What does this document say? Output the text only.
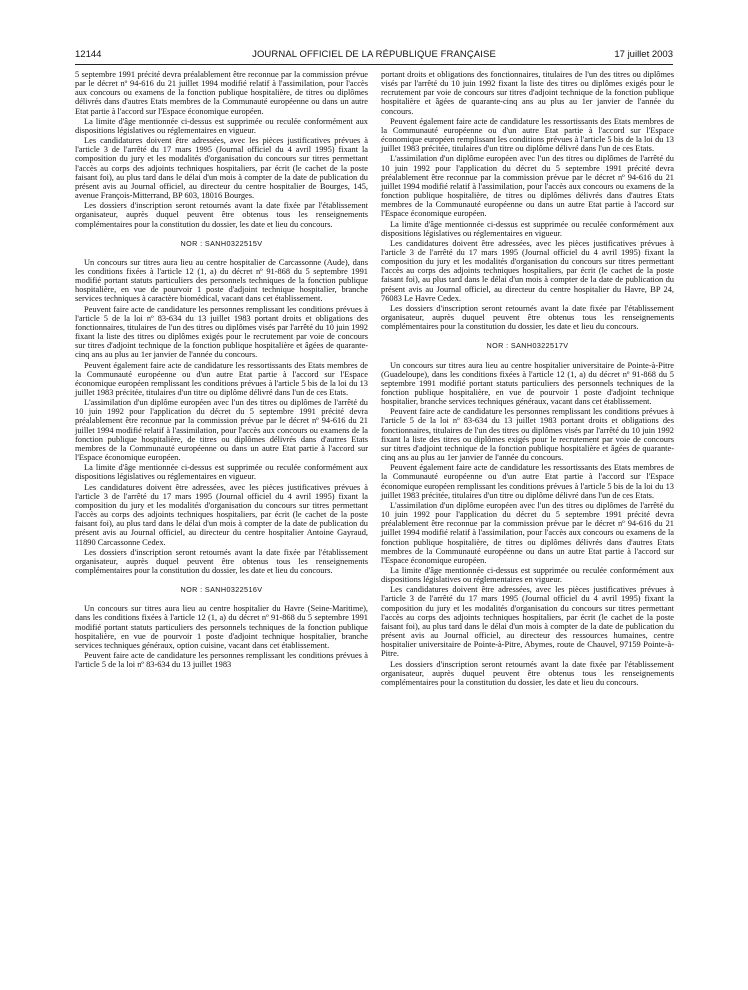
12144	JOURNAL OFFICIEL DE LA RÉPUBLIQUE FRANÇAISE	17 juillet 2003

5 septembre 1991 précité devra préalablement être reconnue par la commission prévue par le décret nº 94-616 du 21 juillet 1994 modifié relatif à l'assimilation, pour l'accès aux concours ou examens de la fonction publique hospitalière, de titres ou diplômes délivrés dans d'autres Etats membres de la Communauté européenne ou dans un autre Etat partie à l'accord sur l'Espace économique européen.

La limite d'âge mentionnée ci-dessus est supprimée ou reculée conformément aux dispositions législatives ou réglementaires en vigueur.

Les candidatures doivent être adressées, avec les pièces justificatives prévues à l'article 3 de l'arrêté du 17 mars 1995 (Journal officiel du 4 avril 1995) fixant la composition du jury et les modalités d'organisation du concours sur titres permettant l'accès au corps des adjoints techniques hospitaliers, par écrit (le cachet de la poste faisant foi), au plus tard dans le délai d'un mois à compter de la date de publication du présent avis au Journal officiel, au directeur du centre hospitalier de Bourges, 145, avenue François-Mitterrand, BP 603, 18016 Bourges.

Les dossiers d'inscription seront retournés avant la date fixée par l'établissement organisateur, auprès duquel peuvent être obtenus tous les renseignements complémentaires pour la constitution du dossier, les date et lieu du concours.

NOR : SANH0322515V

Un concours sur titres aura lieu au centre hospitalier de Carcassonne (Aude), dans les conditions fixées à l'article 12 (1, a) du décret nº 91-868 du 5 septembre 1991 modifié portant statuts particuliers des personnels techniques de la fonction publique hospitalière, en vue de pourvoir 1 poste d'adjoint technique hospitalier, branche services techniques à caractère biomédical, vacant dans cet établissement.

Peuvent faire acte de candidature les personnes remplissant les conditions prévues à l'article 5 de la loi nº 83-634 du 13 juillet 1983 portant droits et obligations des fonctionnaires, titulaires de l'un des titres ou diplômes visés par l'arrêté du 10 juin 1992 fixant la liste des titres ou diplômes exigés pour le recrutement par voie de concours sur titres d'adjoint technique de la fonction publique hospitalière et âgées de quarante-cinq ans au plus au 1er janvier de l'année du concours.

Peuvent également faire acte de candidature les ressortissants des Etats membres de la Communauté européenne ou d'un autre Etat partie à l'accord sur l'Espace économique européen remplissant les conditions prévues à l'article 5 bis de la loi du 13 juillet 1983 précitée, titulaires d'un titre ou diplôme délivré dans l'un de ces Etats.

L'assimilation d'un diplôme européen avec l'un des titres ou diplômes de l'arrêté du 10 juin 1992 pour l'application du décret du 5 septembre 1991 précité devra préalablement être reconnue par la commission prévue par le décret nº 94-616 du 21 juillet 1994 modifié relatif à l'assimilation, pour l'accès aux concours ou examens de la fonction publique hospitalière, de titres ou diplômes délivrés dans d'autres Etats membres de la Communauté européenne ou dans un autre Etat partie à l'accord sur l'Espace économique européen.

La limite d'âge mentionnée ci-dessus est supprimée ou reculée conformément aux dispositions législatives ou réglementaires en vigueur.

Les candidatures doivent être adressées, avec les pièces justificatives prévues à l'article 3 de l'arrêté du 17 mars 1995 (Journal officiel du 4 avril 1995) fixant la composition du jury et les modalités d'organisation du concours sur titres permettant l'accès au corps des adjoints techniques hospitaliers, par écrit (le cachet de la poste faisant foi), au plus tard dans le délai d'un mois à compter de la date de publication du présent avis au Journal officiel, au directeur du centre hospitalier Antoine Gayraud, 11890 Carcassonne Cedex.

Les dossiers d'inscription seront retournés avant la date fixée par l'établissement organisateur, auprès duquel peuvent être obtenus tous les renseignements complémentaires pour la constitution du dossier, les date et lieu du concours.

NOR : SANH0322516V

Un concours sur titres aura lieu au centre hospitalier du Havre (Seine-Maritime), dans les conditions fixées à l'article 12 (1, a) du décret nº 91-868 du 5 septembre 1991 modifié portant statuts particuliers des personnels techniques de la fonction publique hospitalière, en vue de pourvoir 1 poste d'adjoint technique hospitalier, branche services techniques généraux, option cuisine, vacant dans cet établissement.

Peuvent faire acte de candidature les personnes remplissant les conditions prévues à l'article 5 de la loi nº 83-634 du 13 juillet 1983

portant droits et obligations des fonctionnaires, titulaires de l'un des titres ou diplômes visés par l'arrêté du 10 juin 1992 fixant la liste des titres ou diplômes exigés pour le recrutement par voie de concours sur titres d'adjoint technique de la fonction publique hospitalière et âgées de quarante-cinq ans au plus au 1er janvier de l'année du concours.

Peuvent également faire acte de candidature les ressortissants des Etats membres de la Communauté européenne ou d'un autre Etat partie à l'accord sur l'Espace économique européen remplissant les conditions prévues à l'article 5 bis de la loi du 13 juillet 1983 précitée, titulaires d'un titre ou diplôme délivré dans l'un de ces Etats.

L'assimilation d'un diplôme européen avec l'un des titres ou diplômes de l'arrêté du 10 juin 1992 pour l'application du décret du 5 septembre 1991 précité devra préalablement être reconnue par la commission prévue par le décret nº 94-616 du 21 juillet 1994 modifié relatif à l'assimilation, pour l'accès aux concours ou examens de la fonction publique hospitalière, de titres ou diplômes délivrés dans d'autres Etats membres de la Communauté européenne ou dans un autre Etat partie à l'accord sur l'Espace économique européen.

La limite d'âge mentionnée ci-dessus est supprimée ou reculée conformément aux dispositions législatives ou réglementaires en vigueur.

Les candidatures doivent être adressées, avec les pièces justificatives prévues à l'article 3 de l'arrêté du 17 mars 1995 (Journal officiel du 4 avril 1995) fixant la composition du jury et les modalités d'organisation du concours sur titres permettant l'accès au corps des adjoints techniques hospitaliers, par écrit (le cachet de la poste faisant foi), au plus tard dans le délai d'un mois à compter de la date de publication du présent avis au Journal officiel, au directeur du centre hospitalier du Havre, BP 24, 76083 Le Havre Cedex.

Les dossiers d'inscription seront retournés avant la date fixée par l'établissement organisateur, auprès duquel peuvent être obtenus tous les renseignements complémentaires pour la constitution du dossier, les date et lieu du concours.

NOR : SANH0322517V

Un concours sur titres aura lieu au centre hospitalier universitaire de Pointe-à-Pitre (Guadeloupe), dans les conditions fixées à l'article 12 (1, a) du décret nº 91-868 du 5 septembre 1991 modifié portant statuts particuliers des personnels techniques de la fonction publique hospitalière, en vue de pourvoir 1 poste d'adjoint technique hospitalier, branche services techniques généraux, vacant dans cet établissement.

Peuvent faire acte de candidature les personnes remplissant les conditions prévues à l'article 5 de la loi nº 83-634 du 13 juillet 1983 portant droits et obligations des fonctionnaires, titulaires de l'un des titres ou diplômes visés par l'arrêté du 10 juin 1992 fixant la liste des titres ou diplômes exigés pour le recrutement par voie de concours sur titres d'adjoint technique de la fonction publique hospitalière et âgées de quarante-cinq ans au plus au 1er janvier de l'année du concours.

Peuvent également faire acte de candidature les ressortissants des Etats membres de la Communauté européenne ou d'un autre Etat partie à l'accord sur l'Espace économique européen remplissant les conditions prévues à l'article 5 bis de la loi du 13 juillet 1983 précitée, titulaires d'un titre ou diplôme délivré dans l'un de ces Etats.

L'assimilation d'un diplôme européen avec l'un des titres ou diplômes de l'arrêté du 10 juin 1992 pour l'application du décret du 5 septembre 1991 précité devra préalablement être reconnue par la commission prévue par le décret nº 94-616 du 21 juillet 1994 modifié relatif à l'assimilation, pour l'accès aux concours ou examens de la fonction publique hospitalière, de titres ou diplômes délivrés dans d'autres Etats membres de la Communauté européenne ou dans un autre Etat partie à l'accord sur l'Espace économique européen.

La limite d'âge mentionnée ci-dessus est supprimée ou reculée conformément aux dispositions législatives ou réglementaires en vigueur.

Les candidatures doivent être adressées, avec les pièces justificatives prévues à l'article 3 de l'arrêté du 17 mars 1995 (Journal officiel du 4 avril 1995) fixant la composition du jury et les modalités d'organisation du concours sur titres permettant l'accès au corps des adjoints techniques hospitaliers, par écrit (le cachet de la poste faisant foi), au plus tard dans le délai d'un mois à compter de la date de publication du présent avis au Journal officiel, au directeur des ressources humaines, centre hospitalier universitaire de Pointe-à-Pitre, Abymes, route de Chauvel, 97159 Pointe-à-Pitre.

Les dossiers d'inscription seront retournés avant la date fixée par l'établissement organisateur, auprès duquel peuvent être obtenus tous les renseignements complémentaires pour la constitution du dossier, les date et lieu du concours.
